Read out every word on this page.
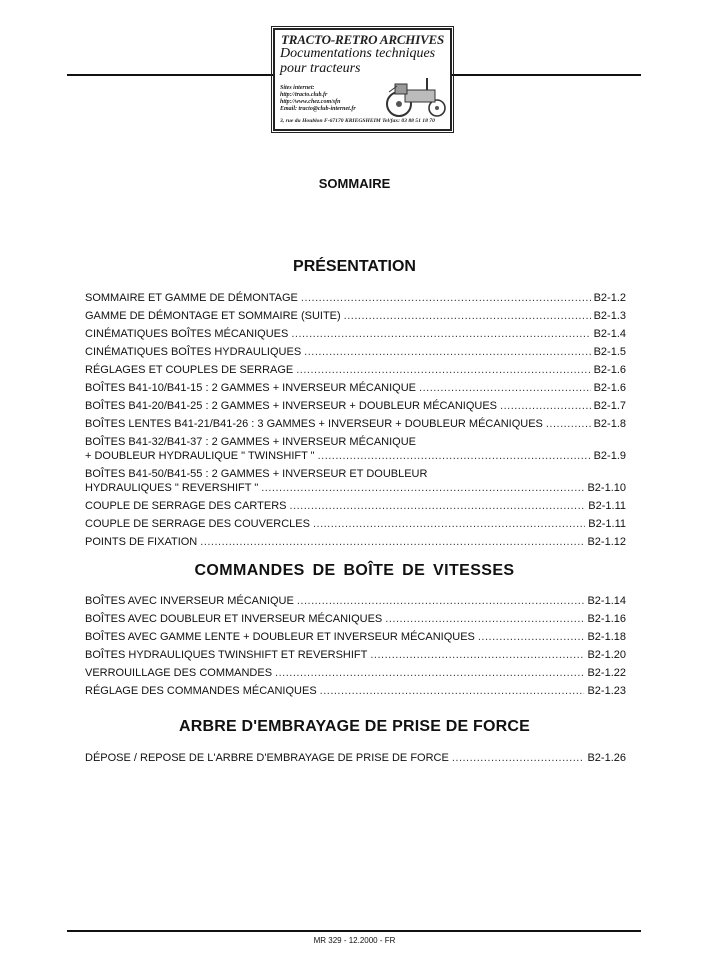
TRACTO-RETRO ARCHIVES
Documentations techniques
pour tracteurs
Sites internet:
http://tracto.club.fr
http://www.chez.com/sfn
Email: tracto@club-internet.fr
3, rue du Houblon F-67170 KRIEGSHEIM Tel/fax: 03 88 51 18 70
SOMMAIRE
PRÉSENTATION
SOMMAIRE ET GAMME DE DÉMONTAGE .....	B2-1.2
GAMME DE DÉMONTAGE ET SOMMAIRE (SUITE) .....	B2-1.3
CINÉMATIQUES BOÎTES MÉCANIQUES .....	B2-1.4
CINÉMATIQUES BOÎTES HYDRAULIQUES .....	B2-1.5
RÉGLAGES ET COUPLES DE SERRAGE .....	B2-1.6
BOÎTES B41-10/B41-15 : 2 GAMMES + INVERSEUR MÉCANIQUE .....	B2-1.6
BOÎTES B41-20/B41-25 : 2 GAMMES + INVERSEUR + DOUBLEUR MÉCANIQUES .....	B2-1.7
BOÎTES LENTES B41-21/B41-26 : 3 GAMMES + INVERSEUR + DOUBLEUR MÉCANIQUES .....	B2-1.8
BOÎTES B41-32/B41-37 : 2 GAMMES + INVERSEUR MÉCANIQUE
+ DOUBLEUR HYDRAULIQUE " TWINSHIFT " .....	B2-1.9
BOÎTES B41-50/B41-55 : 2 GAMMES + INVERSEUR ET DOUBLEUR
HYDRAULIQUES " REVERSHIFT " .....	B2-1.10
COUPLE DE SERRAGE DES CARTERS .....	B2-1.11
COUPLE DE SERRAGE DES COUVERCLES .....	B2-1.11
POINTS DE FIXATION .....	B2-1.12
COMMANDES DE BOÎTE DE VITESSES
BOÎTES AVEC INVERSEUR MÉCANIQUE .....	B2-1.14
BOÎTES AVEC DOUBLEUR ET INVERSEUR MÉCANIQUES .....	B2-1.16
BOÎTES AVEC GAMME LENTE + DOUBLEUR ET INVERSEUR MÉCANIQUES .....	B2-1.18
BOÎTES HYDRAULIQUES TWINSHIFT ET REVERSHIFT .....	B2-1.20
VERROUILLAGE DES COMMANDES .....	B2-1.22
RÉGLAGE DES COMMANDES MÉCANIQUES .....	B2-1.23
ARBRE D'EMBRAYAGE DE PRISE DE FORCE
DÉPOSE / REPOSE DE L'ARBRE D'EMBRAYAGE DE PRISE DE FORCE .....	B2-1.26
MR 329 - 12.2000 - FR
